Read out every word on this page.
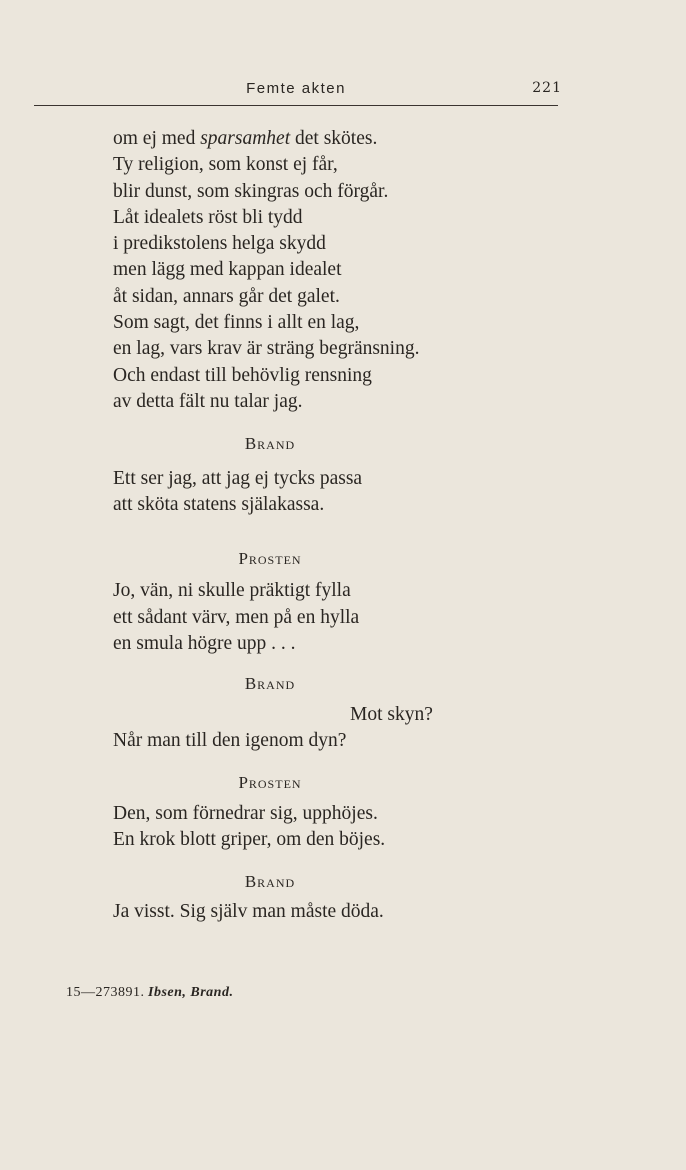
Femte akten	221
om ej med sparsamhet det skötes.
Ty religion, som konst ej får,
blir dunst, som skingras och förgår.
Låt idealets röst bli tydd
i predikstolens helga skydd
men lägg med kappan idealet
åt sidan, annars går det galet.
Som sagt, det finns i allt en lag,
en lag, vars krav är sträng begränsning.
Och endast till behövlig rensning
av detta fält nu talar jag.
Brand
Ett ser jag, att jag ej tycks passa
att sköta statens själakassa.
Prosten
Jo, vän, ni skulle präktigt fylla
ett sådant värv, men på en hylla
en smula högre upp . . .
Brand
Mot skyn?
Når man till den igenom dyn?
Prosten
Den, som förnedrar sig, upphöjes.
En krok blott griper, om den böjes.
Brand
Ja visst. Sig själv man måste döda.
15—273891. Ibsen, Brand.
